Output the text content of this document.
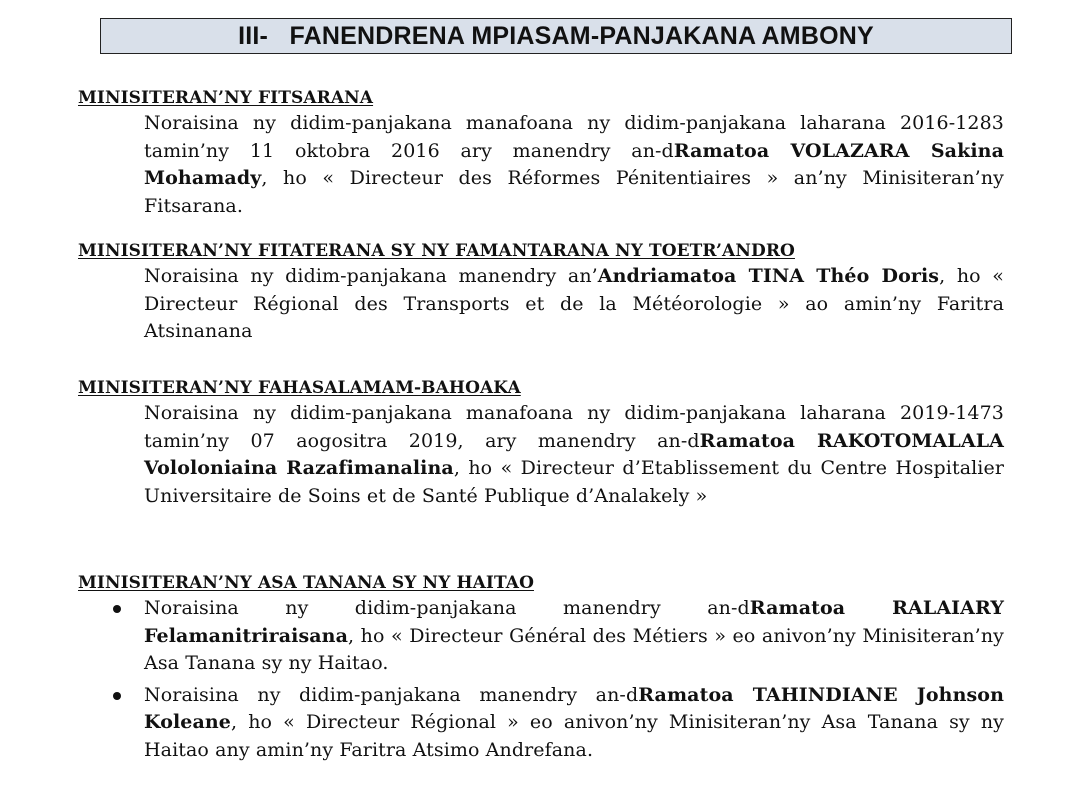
III-   FANENDRENA MPIASAM-PANJAKANA AMBONY
MINISITERAN’NY FITSARANA

Noraisina ny didim-panjakana manafoana ny didim-panjakana laharana 2016-1283 tamin’ny 11 oktobra 2016 ary manendry an-dRamatoa VOLAZARA Sakina Mohamady, ho « Directeur des Réformes Pénitentiaires » an’ny Minisiteran’ny Fitsarana.

MINISITERAN’NY FITATERANA SY NY FAMANTARANA NY TOETR’ANDRO

Noraisina ny didim-panjakana manendry an’Andriamatoa TINA Théo Doris, ho « Directeur Régional des Transports et de la Météorologie » ao amin’ny Faritra Atsinanana

MINISITERAN’NY FAHASALAMAM-BAHOAKA

Noraisina ny didim-panjakana manafoana ny didim-panjakana laharana 2019-1473 tamin’ny 07 aogositra 2019, ary manendry an-dRamatoa RAKOTOMALALA Vololoniaina Razafimanalina, ho « Directeur d’Etablissement du Centre Hospitalier Universitaire de Soins et de Santé Publique d’Analakely »

MINISITERAN’NY ASA TANANA SY NY HAITAO
Noraisina ny didim-panjakana manendry an-dRamatoa RALAIARY Felamanitriraisana, ho « Directeur Général des Métiers » eo anivon’ny Minisiteran’ny Asa Tanana sy ny Haitao.
Noraisina ny didim-panjakana manendry an-dRamatoa TAHINDIANE Johnson Koleane, ho « Directeur Régional » eo anivon’ny Minisiteran’ny Asa Tanana sy ny Haitao any amin’ny Faritra Atsimo Andrefana.
